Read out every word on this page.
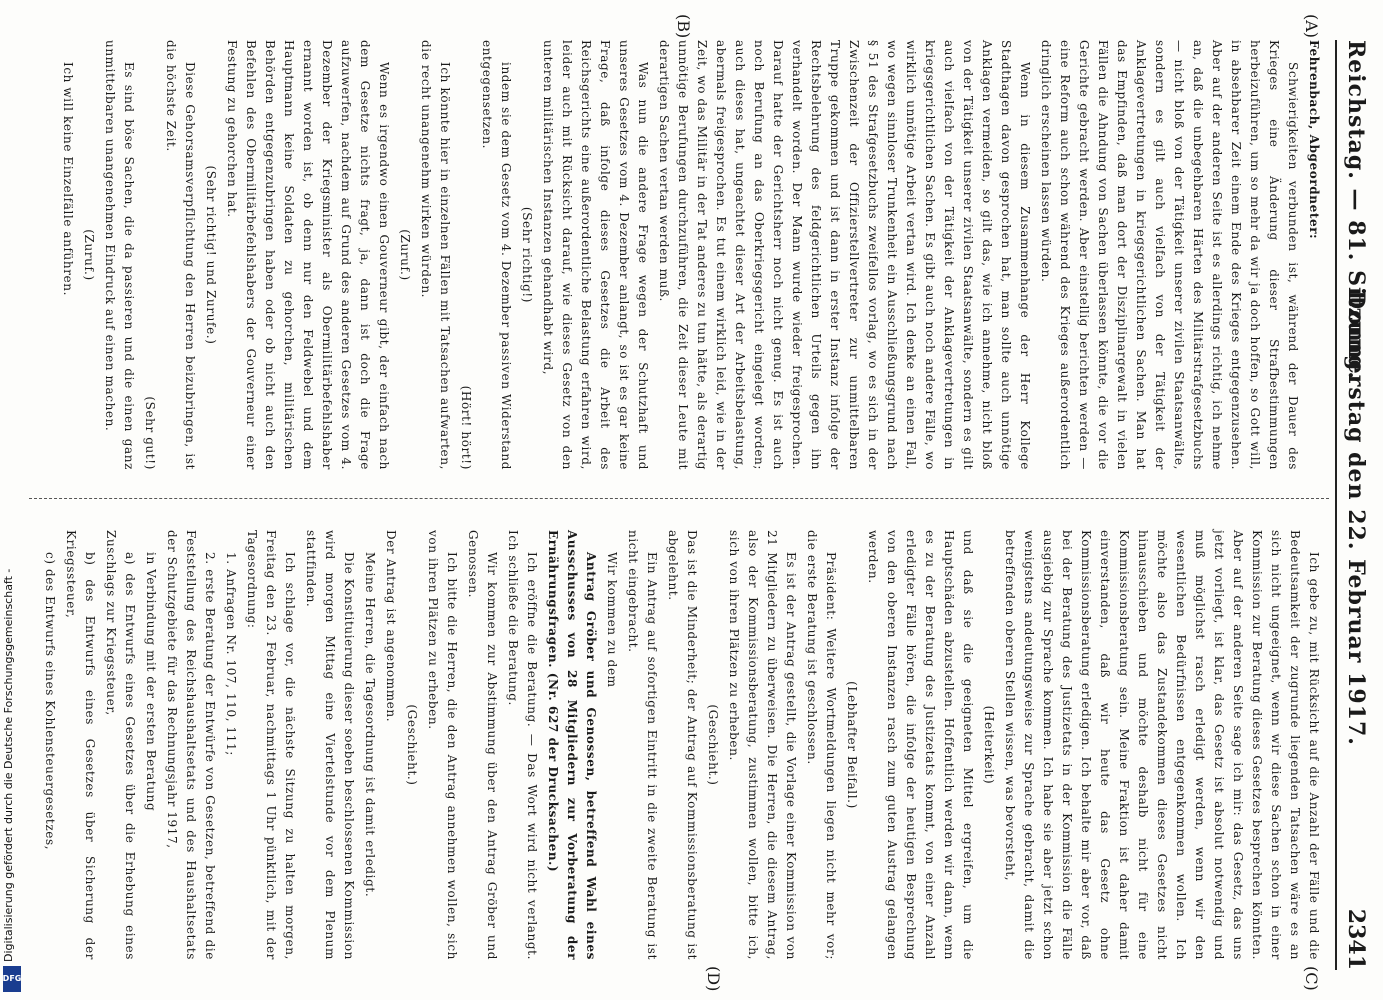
Reichstag. — 81. Sitzung.
Donnerstag den 22. Februar 1917.
2341
(A)
(B)
(C)
(D)

Fehrenbach, Abgeordneter:

Schwierigkeiten verbunden ist, während der Dauer des Krieges eine Änderung dieser Strafbestimmungen herbeizuführen, um so mehr da wir ja doch hoffen, so Gott will, in absehbarer Zeit einem Ende des Krieges entgegenzusehen. Aber auf der anderen Seite ist es allerdings richtig, ich nehme an, daß die unbegehbaren Härten des Militärstrafgesetzbuchs — nicht bloß von der Tätigkeit unserer zivilen Staatsanwälte, sondern es gilt auch vielfach von der Tätigkeit der Anklagevertretungen in kriegsgerichtlichen Sachen. Man hat das Empfinden, daß man dort der Disziplinargewalt in vielen Fällen die Ahndung von Sachen überlassen könnte, die vor die Gerichte gebracht werden. Aber einstellig berichten werden — eine Reform auch schon während des Krieges außerordentlich dringlich erscheinen lassen würden.

Wenn in diesem Zusammenhange der Herr Kollege Stadthagen davon gesprochen hat, man sollte auch unnötige Anklagen vermeiden, so gilt das, wie ich annehme, nicht bloß von der Tätigkeit unserer zivilen Staatsanwälte, sondern es gilt auch vielfach von der Tätigkeit der Anklagevertretungen in kriegsgerichtlichen Sachen. Es gibt auch noch andere Fälle, wo wirklich unnötige Arbeit vertan wird. Ich denke an einen Fall, wo wegen sinnloser Trunkenheit ein Ausschließungsgrund nach § 51 des Strafgesetzbuchs zweifellos vorlag, wo es sich in der Zwischenzeit der Offizierstellvertreter zur unmittelbaren Truppe gekommen und ist dann in erster Instanz infolge der Rechtsbelehrung des feldgerichtlichen Urteils gegen ihn verhandelt worden. Der Mann wurde wieder freigesprochen. Darauf hatte der Gerichtsherr noch nicht genug. Es ist auch noch Berufung an das Oberkriegsgericht eingelegt worden; auch dieses hat, ungeachtet dieser Art der Arbeitsbelastung, abermals freigesprochen. Es tut einem wirklich leid, wie in der Zeit, wo das Militär in der Tat anderes zu tun hätte, als derartig unnötige Berufungen durchzuführen, die Zeit dieser Leute mit derartigen Sachen vertan werden muß.

Was nun die andere Frage wegen der Schutzhaft und unseres Gesetzes vom 4. Dezember anlangt, so ist es gar keine Frage, daß infolge dieses Gesetzes die Arbeit des Reichsgerichts eine außerordentliche Belastung erfahren wird, leider auch mit Rücksicht darauf, wie dieses Gesetz von den unteren militärischen Instanzen gehandhabt wird,

(Sehr richtig!)

indem sie dem Gesetz vom 4. Dezember passiven Widerstand entgegensetzen.

(Hört! hört!)

Ich könnte hier in einzelnen Fällen mit Tatsachen aufwarten, die recht unangenehm wirken würden.

(Zuruf.)

Wenn es irgendwo einen Gouverneur gibt, der einfach nach dem Gesetze nichts fragt, ja, dann ist doch die Frage aufzuwerfen, nachdem auf Grund des anderen Gesetzes vom 4. Dezember der Kriegsminister als Obermilitärbefehlshaber ernannt worden ist, ob denn nur den Feldwebel und dem Hauptmann keine Soldaten zu gehorchen, militärischen Behörden entgegenzubringen haben oder ob nicht auch den Befehlen des Obermilitärbefehlshabers der Gouverneur einer Festung zu gehorchen hat.

(Sehr richtig! und Zurufe.)

Diese Gehorsamsverpflichtung den Herren beizubringen, ist die höchste Zeit.

(Sehr gut!)

Es sind böse Sachen, die da passieren und die einen ganz unmittelbaren unangenehmen Eindruck auf einen machen.

(Zuruf.)

Ich will keine Einzelfälle anführen.

Ich gebe zu, mit Rücksicht auf die Anzahl der Fälle und die Bedeutsamkeit der zugrunde liegenden Tatsachen wäre es an sich nicht ungeeignet, wenn wir diese Sachen schon in einer Kommission zur Beratung dieses Gesetzes besprechen könnten. Aber auf der anderen Seite sage ich mir: das Gesetz, das uns jetzt vorliegt, ist klar, das Gesetz ist absolut notwendig und muß möglichst rasch erledigt werden, wenn wir den wesentlichen Bedürfnissen entgegenkommen wollen. Ich möchte also das Zustandekommen dieses Gesetzes nicht hinausschieben und möchte deshalb nicht für eine Kommissionsberatung sein. Meine Fraktion ist daher damit einverstanden, daß wir heute das Gesetz ohne Kommissionsberatung erledigen. Ich behalte mir aber vor, daß bei der Beratung des Justizetats in der Kommission die Fälle ausgiebig zur Sprache kommen. Ich habe sie aber jetzt schon wenigstens andeutungsweise zur Sprache gebracht, damit die betreffenden oberen Stellen wissen, was bevorsteht,

(Heiterkeit)

und daß sie die geeigneten Mittel ergreifen, um die Hauptschäden abzustellen. Hoffentlich werden wir dann, wenn es zu der Beratung des Justizetats kommt, von einer Anzahl erledigter Fälle hören, die infolge der heutigen Besprechung von den oberen Instanzen rasch zum guten Austrag gelangen werden.

(Lebhafter Beifall.)

Präsident: Weitere Wortmeldungen liegen nicht mehr vor; die erste Beratung ist geschlossen.

Es ist der Antrag gestellt, die Vorlage einer Kommission von 21 Mitgliedern zu überweisen. Die Herren, die diesem Antrag, also der Kommissionsberatung, zustimmen wollen, bitte ich, sich von ihren Plätzen zu erheben.

(Geschieht.)

Das ist die Minderheit; der Antrag auf Kommissionsberatung ist abgelehnt.

Ein Antrag auf sofortigen Eintritt in die zweite Beratung ist nicht eingebracht.

Wir kommen zu dem

Antrag Gröber und Genossen, betreffend Wahl eines Ausschusses von 28 Mitgliedern zur Vorberatung der Ernährungsfragen. (Nr. 627 der Drucksachen.)

Ich eröffne die Beratung. — Das Wort wird nicht verlangt. Ich schließe die Beratung.

Wir kommen zur Abstimmung über den Antrag Gröber und Genossen.

Ich bitte die Herren, die den Antrag annehmen wollen, sich von ihren Plätzen zu erheben.

(Geschieht.)

Der Antrag ist angenommen.

Meine Herren, die Tagesordnung ist damit erledigt.

Die Konstituierung dieser soeben beschlossenen Kommission wird morgen Mittag eine Viertelstunde vor dem Plenum stattfinden.

Ich schlage vor, die nächste Sitzung zu halten morgen, Freitag den 23. Februar, nachmittags 1 Uhr pünktlich, mit der Tagesordnung:

1. Anfragen Nr. 107, 110, 111;

2. erste Beratung der Entwürfe von Gesetzen, betreffend die Feststellung des Reichshaushaltsetats und des Haushaltsetats der Schutzgebiete für das Rechnungsjahr 1917,

in Verbindung mit der ersten Beratung

a) des Entwurfs eines Gesetzes über die Erhebung eines Zuschlags zur Kriegssteuer,

b) des Entwurfs eines Gesetzes über Sicherung der Kriegssteuer,

c) des Entwurfs eines Kohlensteuergesetzes,

DFG
Digitalisierung gefördert durch die Deutsche Forschungsgemeinschaft -
